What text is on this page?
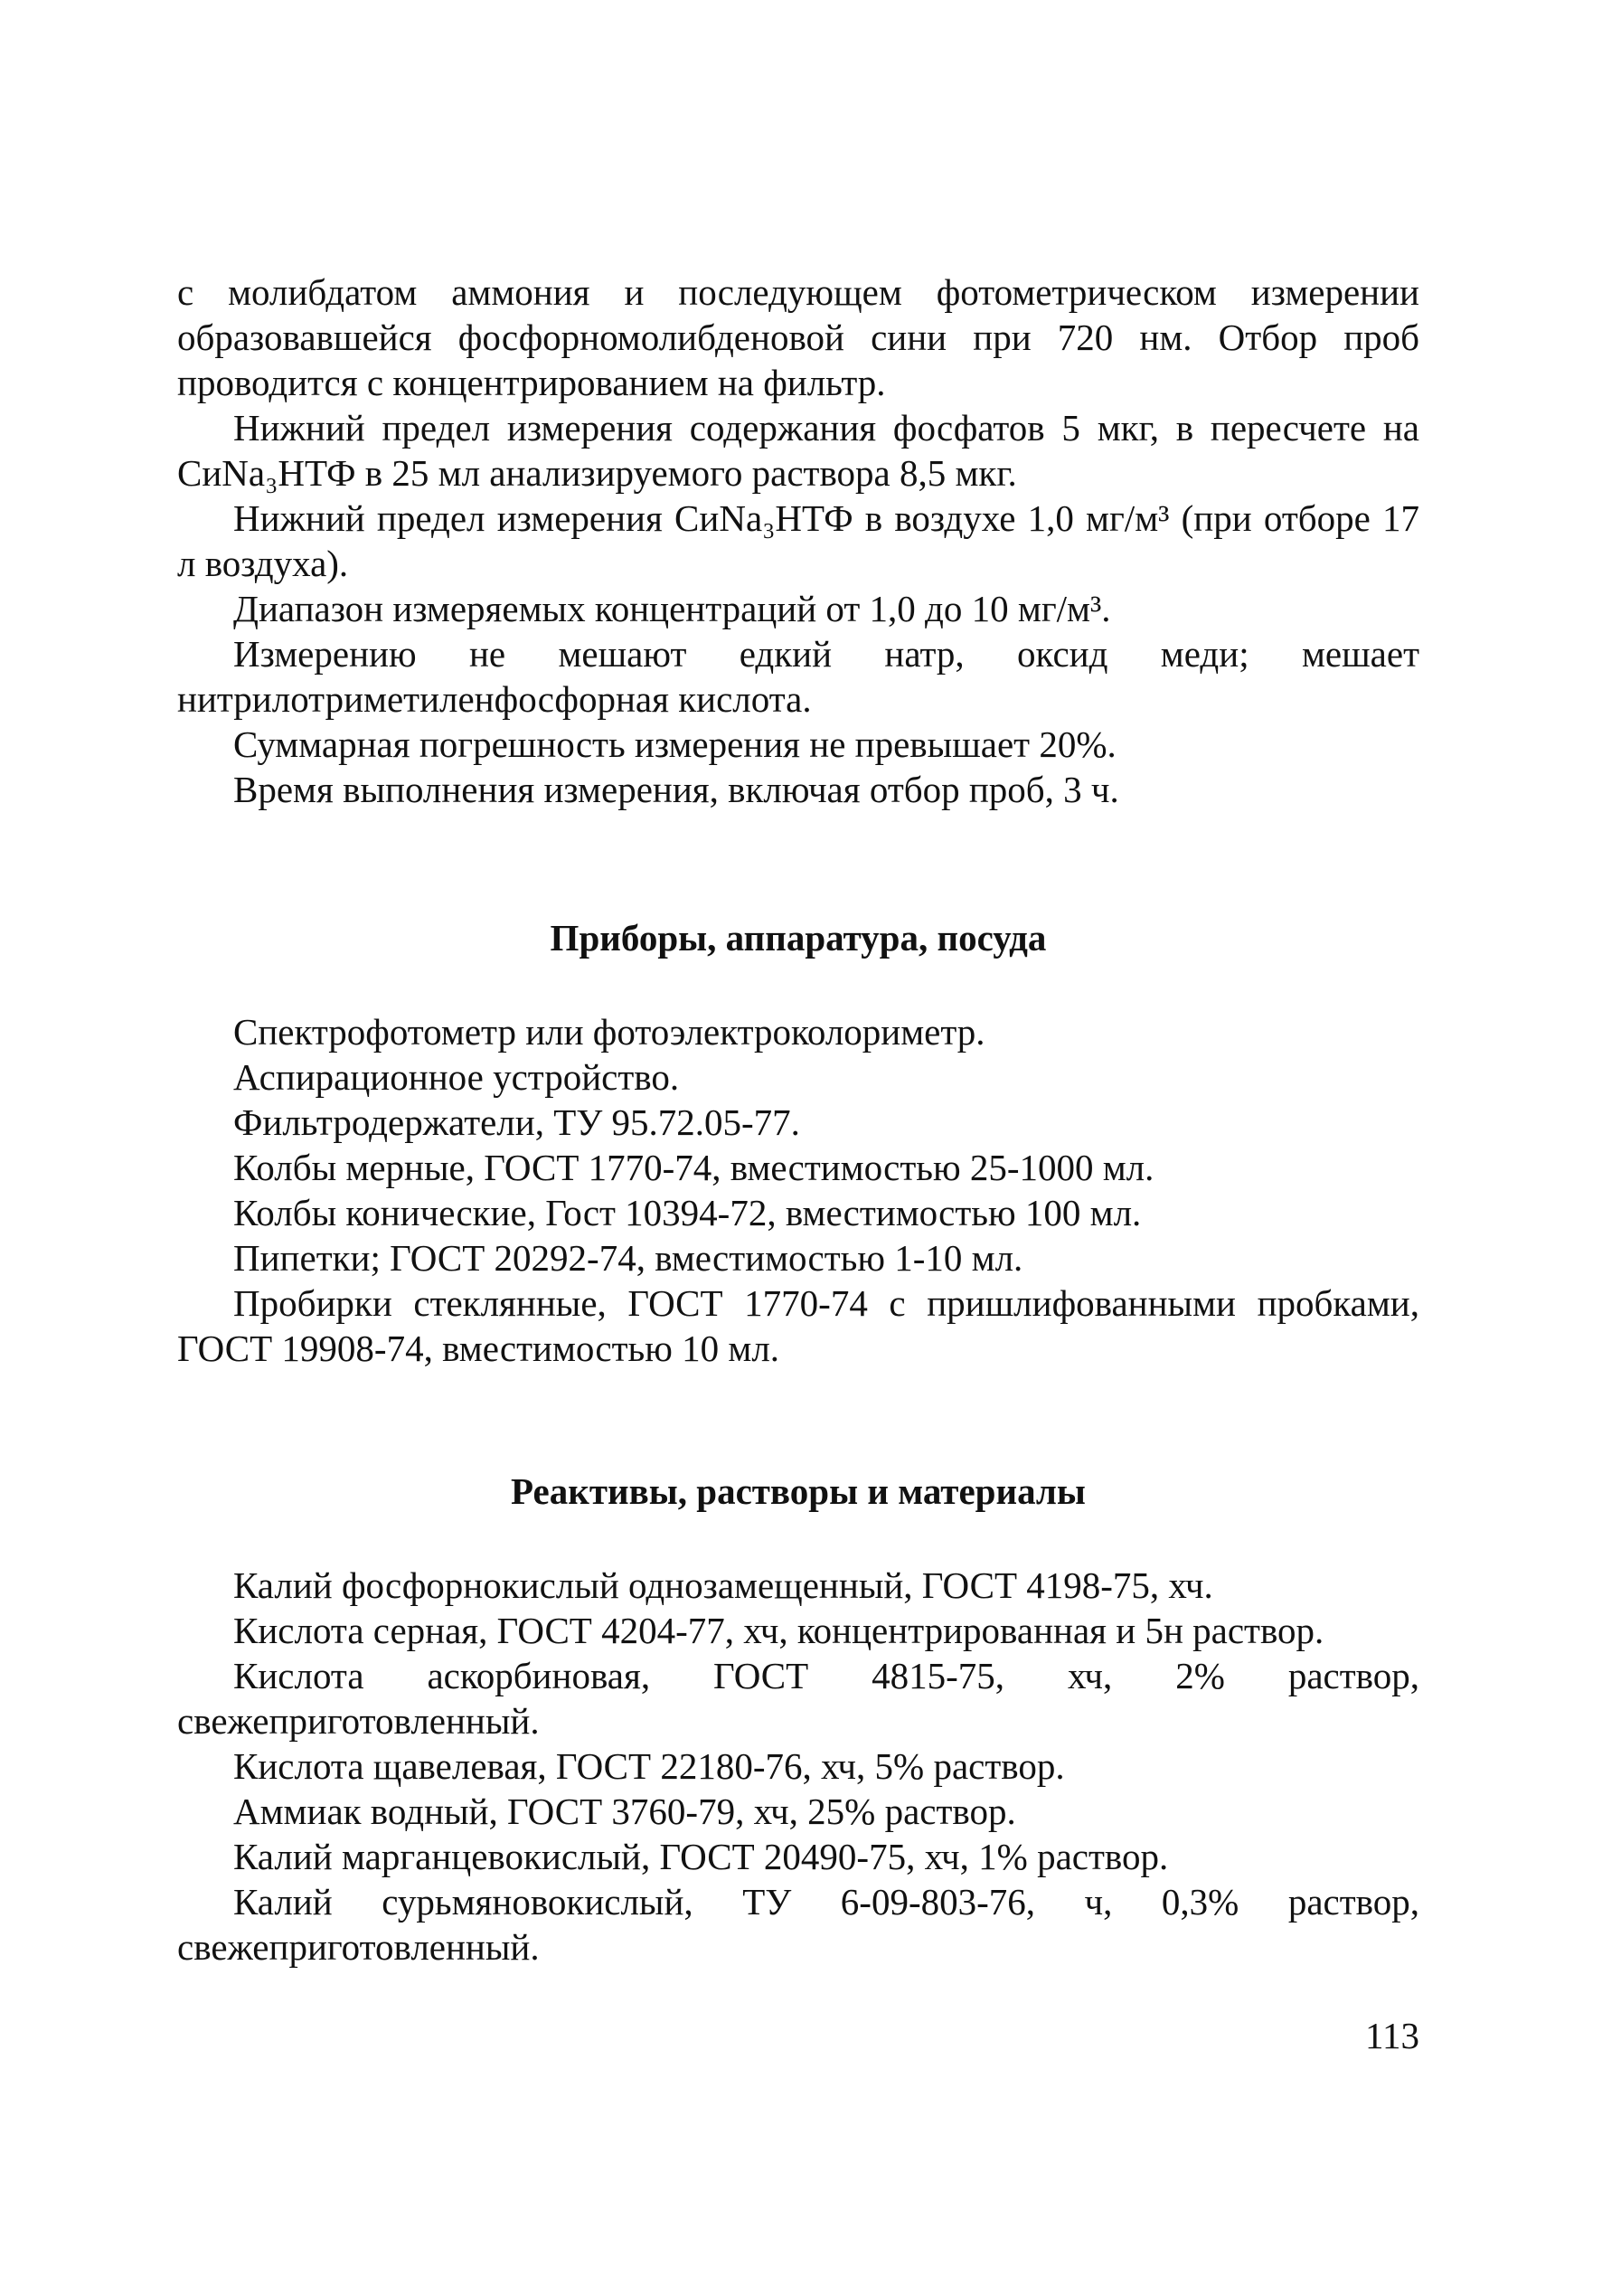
с молибдатом аммония и последующем фотометрическом измерении образовавшейся фосфорномолибденовой сини при 720 нм. Отбор проб проводится с концентрированием на фильтр.

Нижний предел измерения содержания фосфатов 5 мкг, в пересчете на СиNa₃НТФ в 25 мл анализируемого раствора 8,5 мкг.

Нижний предел измерения СиNa₃НТФ в воздухе 1,0 мг/м³ (при отборе 17 л воздуха).

Диапазон измеряемых концентраций от 1,0 до 10 мг/м³.

Измерению не мешают едкий натр, оксид меди; мешает нитрилотриметиленфосфорная кислота.

Суммарная погрешность измерения не превышает 20%.

Время выполнения измерения, включая отбор проб, 3 ч.

Приборы, аппаратура, посуда

Спектрофотометр или фотоэлектроколориметр.

Аспирационное устройство.

Фильтродержатели, ТУ 95.72.05-77.

Колбы мерные, ГОСТ 1770-74, вместимостью 25-1000 мл.

Колбы конические, Гост 10394-72, вместимостью 100 мл.

Пипетки; ГОСТ 20292-74, вместимостью 1-10 мл.

Пробирки стеклянные, ГОСТ 1770-74 с пришлифованными пробками, ГОСТ 19908-74, вместимостью 10 мл.

Реактивы, растворы и материалы

Калий фосфорнокислый однозамещенный, ГОСТ 4198-75, хч.

Кислота серная, ГОСТ 4204-77, хч, концентрированная и 5н раствор.

Кислота аскорбиновая, ГОСТ 4815-75, хч, 2% раствор, свежеприготовленный.

Кислота щавелевая, ГОСТ 22180-76, хч, 5% раствор.

Аммиак водный, ГОСТ 3760-79, хч, 25% раствор.

Калий марганцевокислый, ГОСТ 20490-75, хч, 1% раствор.

Калий сурьмяновокислый, ТУ 6-09-803-76, ч, 0,3% раствор, свежеприготовленный.

113
